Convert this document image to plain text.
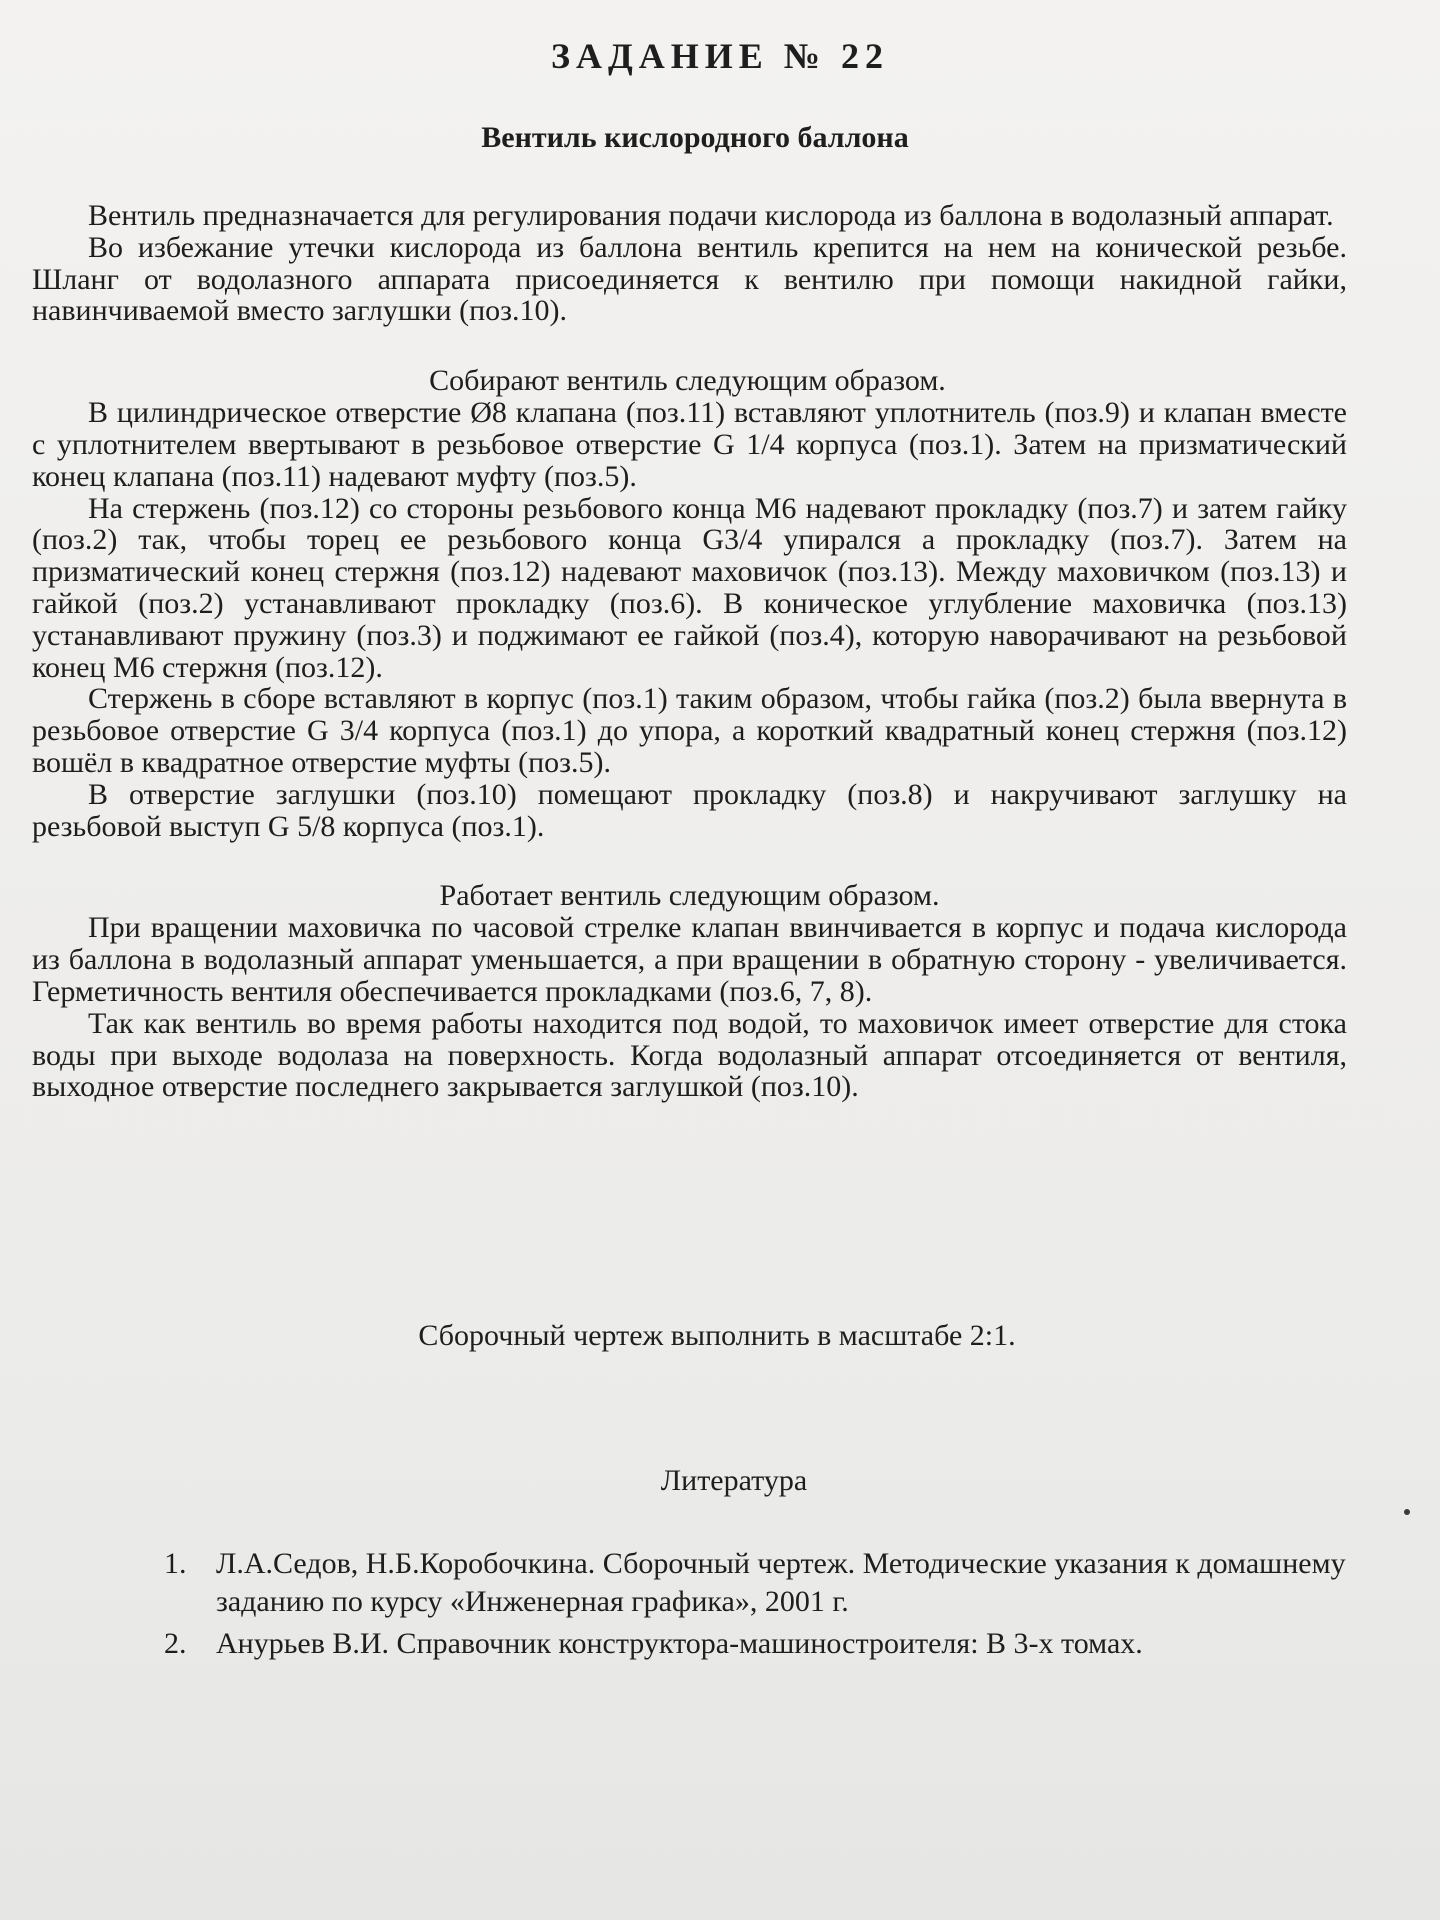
ЗАДАНИЕ № 22
Вентиль кислородного баллона

Вентиль предназначается для регулирования подачи кислорода из баллона в водолазный аппарат.

Во избежание утечки кислорода из баллона вентиль крепится на нем на конической резьбе. Шланг от водолазного аппарата присоединяется к вентилю при помощи накидной гайки, навинчиваемой вместо заглушки (поз.10).

Собирают вентиль следующим образом.

В цилиндрическое отверстие Ø8 клапана (поз.11) вставляют уплотнитель (поз.9) и клапан вместе с уплотнителем ввертывают в резьбовое отверстие G 1/4 корпуса (поз.1). Затем на призматический конец клапана (поз.11) надевают муфту (поз.5).

На стержень (поз.12) со стороны резьбового конца М6 надевают прокладку (поз.7) и затем гайку (поз.2) так, чтобы торец ее резьбового конца G3/4 упирался а прокладку (поз.7). Затем на призматический конец стержня (поз.12) надевают маховичок (поз.13). Между маховичком (поз.13) и гайкой (поз.2) устанавливают прокладку (поз.6). В коническое углубление маховичка (поз.13) устанавливают пружину (поз.3) и поджимают ее гайкой (поз.4), которую наворачивают на резьбовой конец М6 стержня (поз.12).

Стержень в сборе вставляют в корпус (поз.1) таким образом, чтобы гайка (поз.2) была ввернута в резьбовое отверстие G 3/4 корпуса (поз.1) до упора, а короткий квадратный конец стержня (поз.12) вошёл в квадратное отверстие муфты (поз.5).

В отверстие заглушки (поз.10) помещают прокладку (поз.8) и накручивают заглушку на резьбовой выступ G 5/8 корпуса (поз.1).

Работает вентиль следующим образом.

При вращении маховичка по часовой стрелке клапан ввинчивается в корпус и подача кислорода из баллона в водолазный аппарат уменьшается, а при вращении в обратную сторону - увеличивается. Герметичность вентиля обеспечивается прокладками (поз.6, 7, 8).

Так как вентиль во время работы находится под водой, то маховичок имеет отверстие для стока воды при выходе водолаза на поверхность. Когда водолазный аппарат отсоединяется от вентиля, выходное отверстие последнего закрывается заглушкой (поз.10).

Сборочный чертеж выполнить в масштабе 2:1.
Литература
1. Л.А.Седов, Н.Б.Коробочкина. Сборочный чертеж. Методические указания к домашнему заданию по курсу «Инженерная графика», 2001 г.
2. Анурьев В.И. Справочник конструктора-машиностроителя: В 3-х томах.
